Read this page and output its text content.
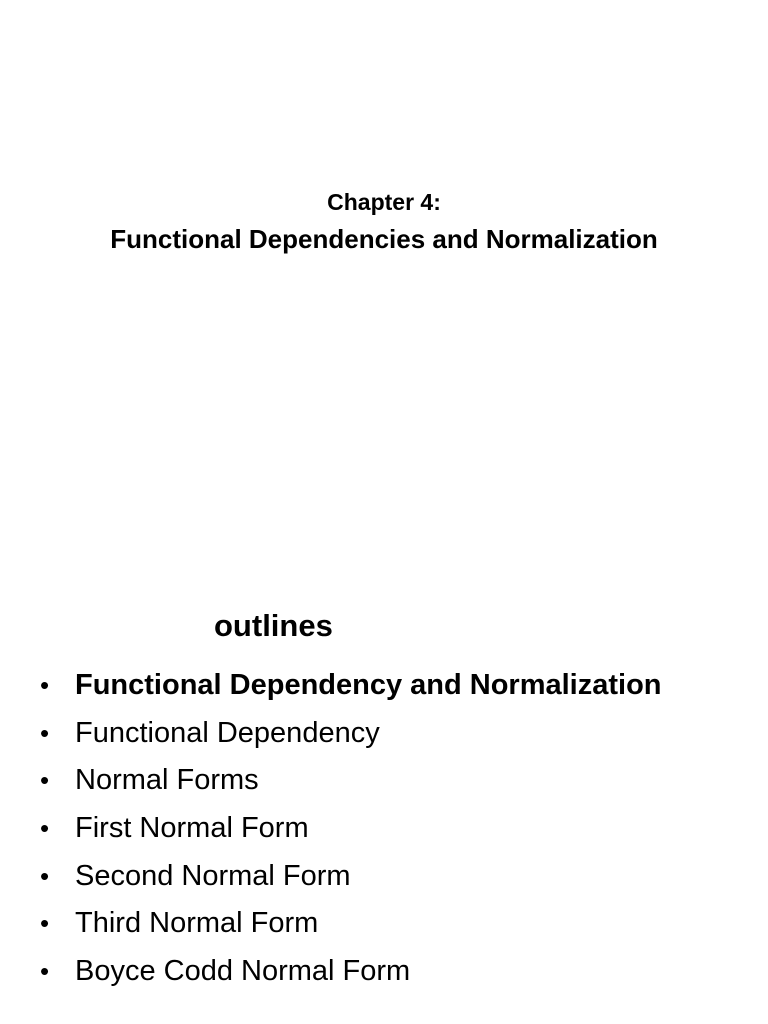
Chapter 4:
Functional Dependencies and Normalization
outlines
• Functional Dependency and Normalization
• Functional Dependency
• Normal Forms
• First Normal Form
• Second Normal Form
• Third Normal Form
• Boyce Codd Normal Form
